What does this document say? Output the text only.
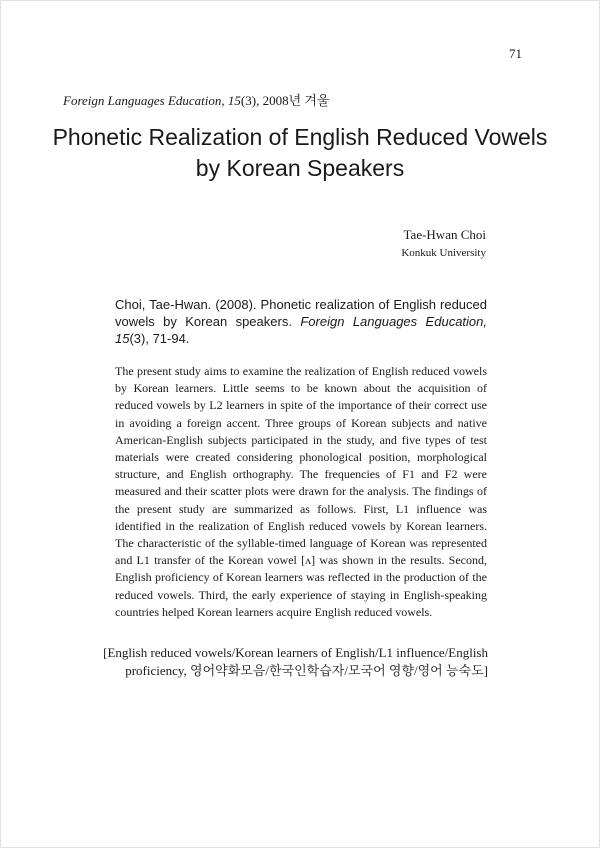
71
Foreign Languages Education, 15(3), 2008년 겨울
Phonetic Realization of English Reduced Vowels
by Korean Speakers
Tae-Hwan Choi
Konkuk University
Choi, Tae-Hwan. (2008). Phonetic realization of English reduced vowels by Korean speakers. Foreign Languages Education, 15(3), 71-94.

The present study aims to examine the realization of English reduced vowels by Korean learners. Little seems to be known about the acquisition of reduced vowels by L2 learners in spite of the importance of their correct use in avoiding a foreign accent. Three groups of Korean subjects and native American-English subjects participated in the study, and five types of test materials were created considering phonological position, morphological structure, and English orthography. The frequencies of F1 and F2 were measured and their scatter plots were drawn for the analysis. The findings of the present study are summarized as follows. First, L1 influence was identified in the realization of English reduced vowels by Korean learners. The characteristic of the syllable-timed language of Korean was represented and L1 transfer of the Korean vowel [ʌ] was shown in the results. Second, English proficiency of Korean learners was reflected in the production of the reduced vowels. Third, the early experience of staying in English-speaking countries helped Korean learners acquire English reduced vowels.

[English reduced vowels/Korean learners of English/L1 influence/English proficiency, 영어약화모음/한국인학습자/모국어 영향/영어 능숙도]
